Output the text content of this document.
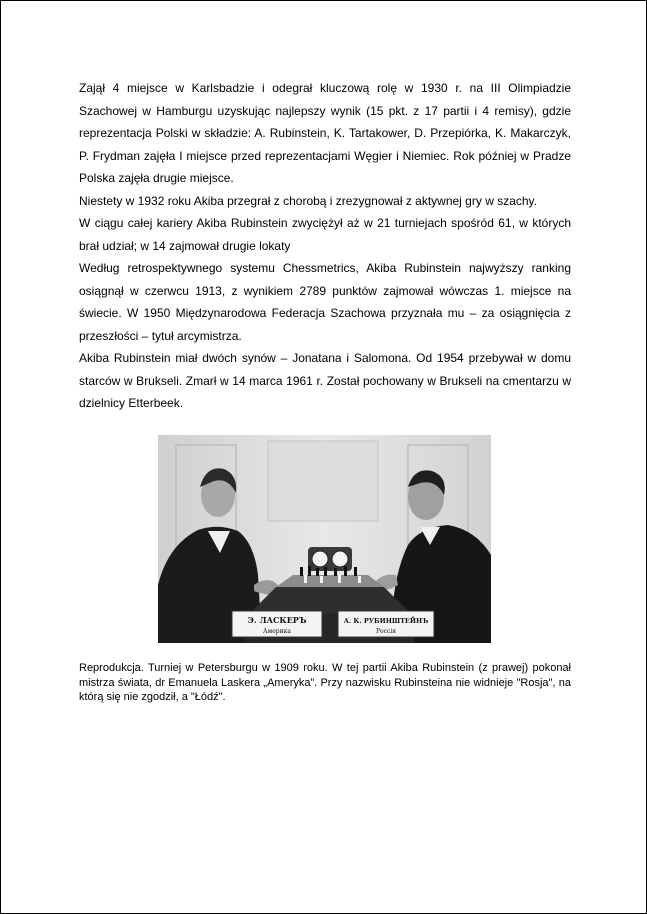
Zajął 4 miejsce w Karlsbadzie i odegrał kluczową rolę w 1930 r. na III Olimpiadzie Szachowej w Hamburgu uzyskując najlepszy wynik (15 pkt. z 17 partii i 4 remisy), gdzie reprezentacja Polski w składzie: A. Rubinstein, K. Tartakower, D. Przepiórka, K. Makarczyk, P. Frydman zajęła I miejsce przed reprezentacjami Węgier i Niemiec. Rok później w Pradze Polska zajęła drugie miejsce.

Niestety w 1932 roku Akiba przegrał z chorobą i zrezygnował z aktywnej gry w szachy.

W ciągu całej kariery Akiba Rubinstein zwyciężył aż w 21 turniejach spośród 61, w których brał udział; w 14 zajmował drugie lokaty

Według retrospektywnego systemu Chessmetrics, Akiba Rubinstein najwyższy ranking osiągnął w czerwcu 1913, z wynikiem 2789 punktów zajmował wówczas 1. miejsce na świecie. W 1950 Międzynarodowa Federacja Szachowa przyznała mu – za osiągnięcia z przeszłości – tytuł arcymistrza.

Akiba Rubinstein miał dwóch synów – Jonatana i Salomona. Od 1954 przebywał w domu starców w Brukseli. Zmarł w 14 marca 1961 r. Został pochowany w Brukseli na cmentarzu w dzielnicy Etterbeek.

Э. ЛАСКЕРЪ
Америка
А. К. РУБИНШТЕЙНЪ
Россія

Reprodukcja. Turniej w Petersburgu w 1909 roku. W tej partii Akiba Rubinstein (z prawej) pokonał mistrza świata, dr Emanuela Laskera „Ameryka”. Przy nazwisku Rubinsteina nie widnieje "Rosja", na którą się nie zgodził, a "Łódź".
